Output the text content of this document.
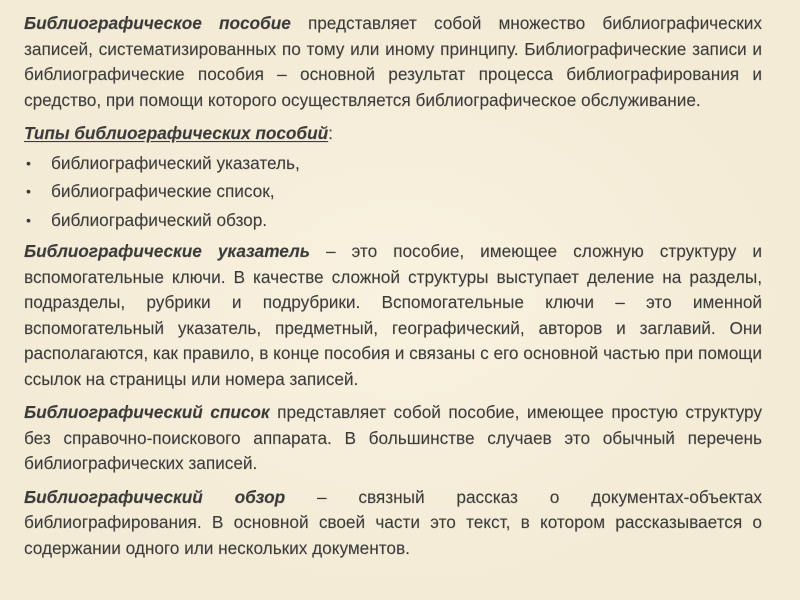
Библиографическое пособие представляет собой множество библиографических записей, систематизированных по тому или иному принципу. Библиографические записи и библиографические пособия – основной результат процесса библиографирования и средство, при помощи которого осуществляется библиографическое обслуживание.

Типы библиографических пособий:

• библиографический указатель,
• библиографические список,
• библиографический обзор.

Библиографические указатель – это пособие, имеющее сложную структуру и вспомогательные ключи. В качестве сложной структуры выступает деление на разделы, подразделы, рубрики и подрубрики. Вспомогательные ключи – это именной вспомогательный указатель, предметный, географический, авторов и заглавий. Они располагаются, как правило, в конце пособия и связаны с его основной частью при помощи ссылок на страницы или номера записей.

Библиографический список представляет собой пособие, имеющее простую структуру без справочно-поискового аппарата. В большинстве случаев это обычный перечень библиографических записей.

Библиографический обзор – связный рассказ о документах-объектах библиографирования. В основной своей части это текст, в котором рассказывается о содержании одного или нескольких документов.
